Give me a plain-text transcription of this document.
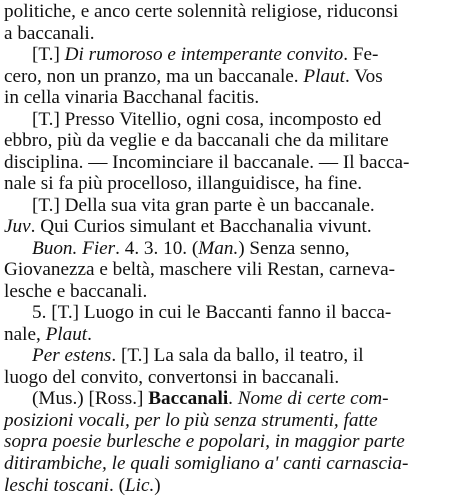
politiche, e anco certe solennità religiose, riduconsi
a baccanali.
[T.] Di rumoroso e intemperante convito. Fe-
cero, non un pranzo, ma un baccanale. Plaut. Vos
in cella vinaria Bacchanal facitis.
[T.] Presso Vitellio, ogni cosa, incomposto ed
ebbro, più da veglie e da baccanali che da militare
disciplina. — Incominciare il baccanale. — Il bacca-
nale si fa più procelloso, illanguidisce, ha fine.
[T.] Della sua vita gran parte è un baccanale.
Juv. Qui Curios simulant et Bacchanalia vivunt.
Buon. Fier. 4. 3. 10. (Man.) Senza senno,
Giovanezza e beltà, maschere vili Restan, carneva-
lesche e baccanali.
5. [T.] Luogo in cui le Baccanti fanno il bacca-
nale, Plaut.
Per estens. [T.] La sala da ballo, il teatro, il
luogo del convito, convertonsi in baccanali.
(Mus.) [Ross.] Baccanali. Nome di certe com-
posizioni vocali, per lo più senza strumenti, fatte
sopra poesie burlesche e popolari, in maggior parte
ditirambiche, le quali somigliano a' canti carnascia-
leschi toscani. (Lic.)
